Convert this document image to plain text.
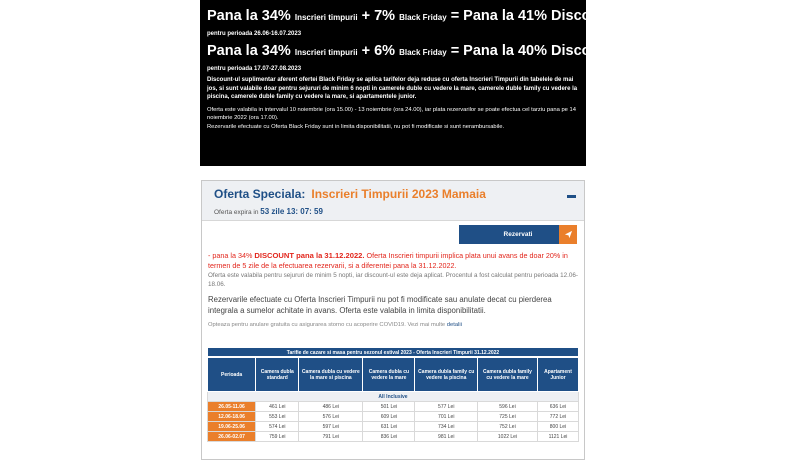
Pana la 34% Inscrieri timpurii + 7% Black Friday = Pana la 41% Discount
pentru perioada 26.06-16.07.2023
Pana la 34% Inscrieri timpurii + 6% Black Friday = Pana la 40% Discount
pentru perioada 17.07-27.08.2023

Discount-ul suplimentar aferent ofertei Black Friday se aplica tarifelor deja reduse cu oferta Inscrieri Timpurii din tabelele de mai jos, si sunt valabile doar pentru sejururi de minim 6 nopti in camerele duble cu vedere la mare, camerele duble family cu vedere la piscina, camerele duble family cu vedere la mare, si apartamentele junior.

Oferta este valabila in intervalul 10 noiembrie (ora 15.00) - 13 noiembrie (ora 24.00), iar plata rezervarilor se poate efectua cel tarziu pana pe 14 noiembrie 2022 (ora 17.00).

Rezervarile efectuate cu Oferta Black Friday sunt in limita disponibilitatii, nu pot fi modificate si sunt nerambursabile.

Oferta Speciala: Inscrieri Timpurii 2023 Mamaia
Oferta expira in 53 zile 13: 07: 59
Rezervati
- pana la 34% DISCOUNT pana la 31.12.2022. Oferta Inscrieri timpurii implica plata unui avans de doar 20% in termen de 5 zile de la efectuarea rezervarii, si a diferentei pana la 31.12.2022.
Oferta este valabila pentru sejururi de minim 5 nopti, iar discount-ul este deja aplicat. Procentul a fost calculat pentru perioada 12.06-18.06.
Rezervarile efectuate cu Oferta Inscrieri Timpurii nu pot fi modificate sau anulate decat cu pierderea integrala a sumelor achitate in avans. Oferta este valabila in limita disponibilitatii.
Opteaza pentru anulare gratuita cu asigurarea storno cu acoperire COVID19. Vezi mai multe detalii
Tarifie de cazare si masa pentru sezonul estival 2023 - Oferta Inscrieri Timpurii 31.12.2022
Perioada	Camera dubla standard	Camera dubla cu vedere la mare si piscina	Camera dubla cu vedere la mare	Camera dubla family cu vedere la piscina	Camera dubla family cu vedere la mare	Apartament Junior
All Inclusive						
26.05-11.06	461 Lei	486 Lei	501 Lei	577 Lei	596 Lei	636 Lei
12.06-18.06	553 Lei	576 Lei	609 Lei	701 Lei	725 Lei	772 Lei
19.06-25.06	574 Lei	597 Lei	631 Lei	734 Lei	752 Lei	800 Lei
26.06-02.07	759 Lei	791 Lei	836 Lei	981 Lei	1022 Lei	1121 Lei
